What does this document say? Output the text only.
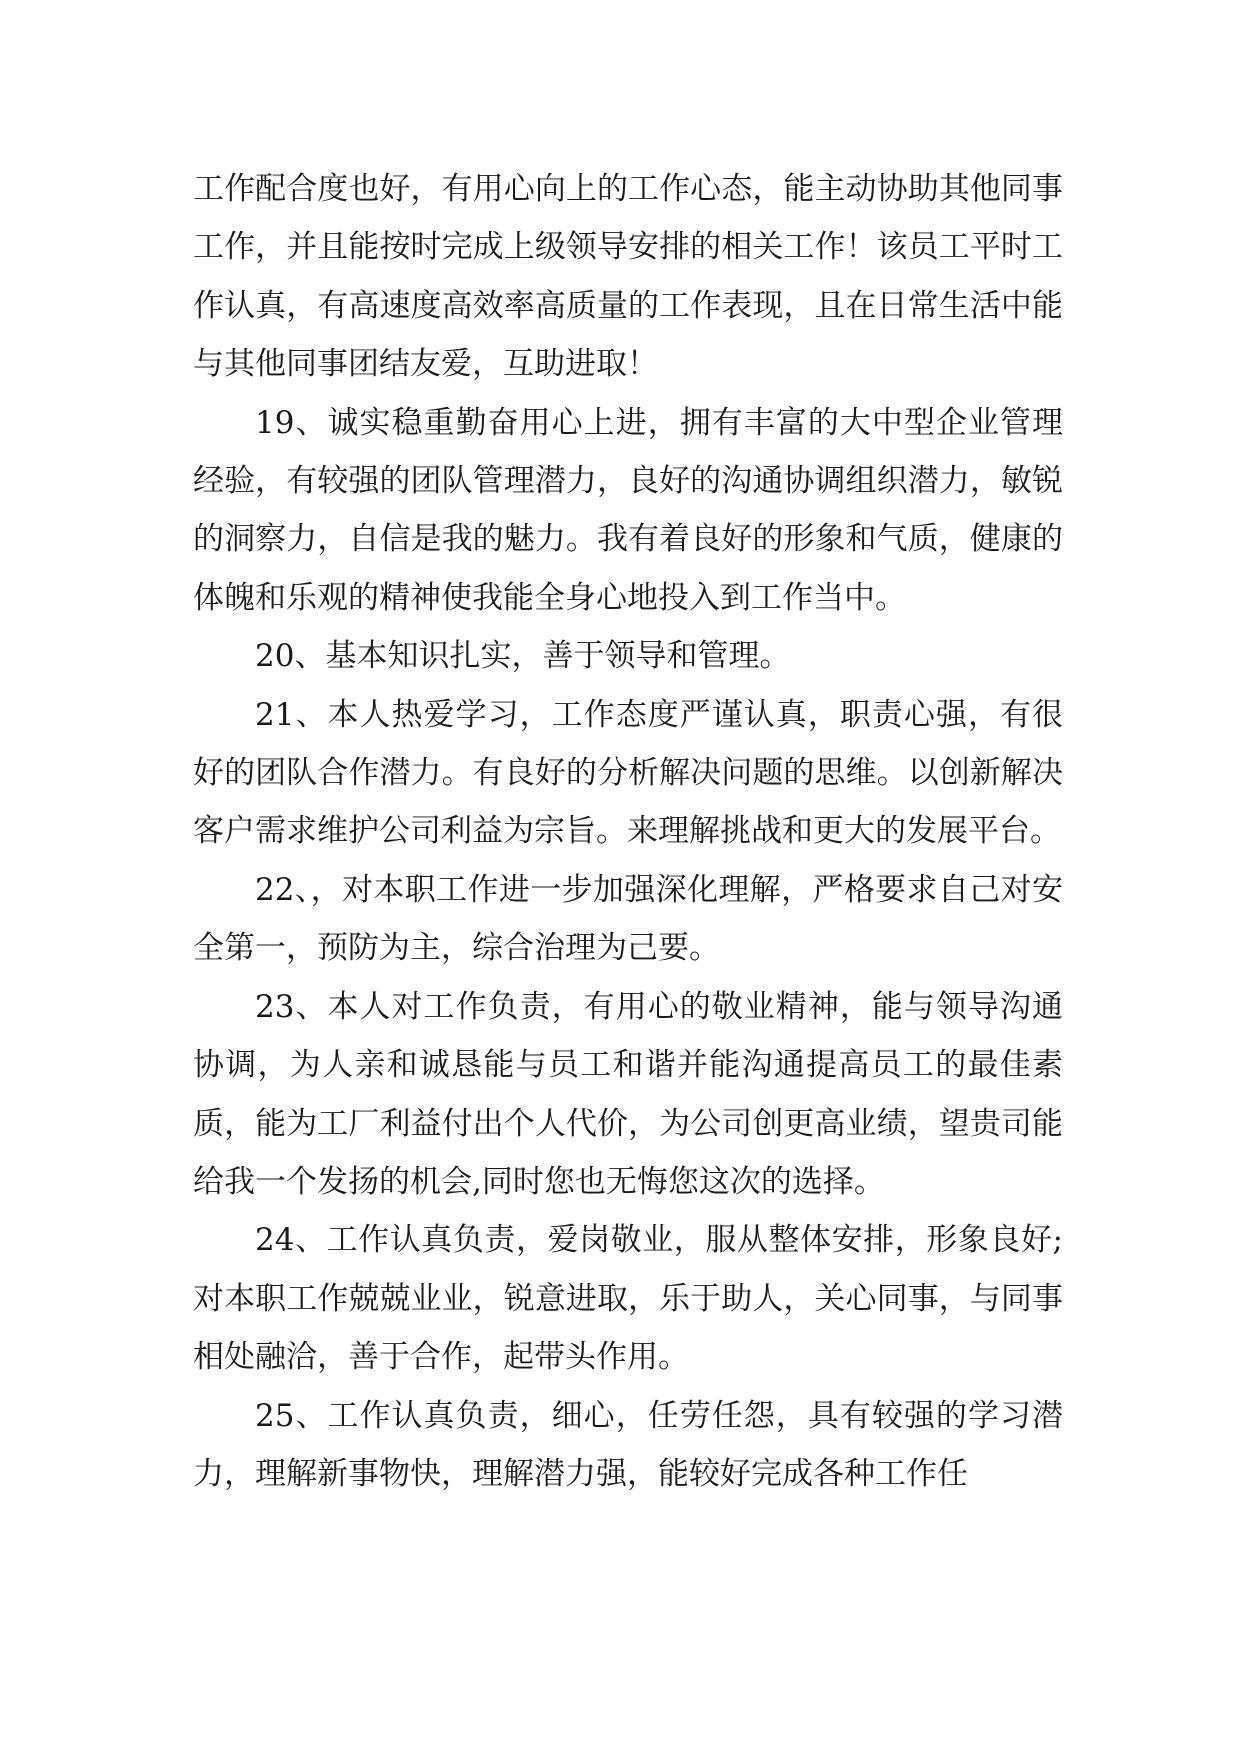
工作配合度也好，有用心向上的工作心态，能主动协助其他同事工作，并且能按时完成上级领导安排的相关工作！该员工平时工作认真，有高速度高效率高质量的工作表现，且在日常生活中能与其他同事团结友爱，互助进取！

19、诚实稳重勤奋用心上进，拥有丰富的大中型企业管理经验，有较强的团队管理潜力，良好的沟通协调组织潜力，敏锐的洞察力，自信是我的魅力。我有着良好的形象和气质，健康的体魄和乐观的精神使我能全身心地投入到工作当中。

20、基本知识扎实，善于领导和管理。

21、本人热爱学习，工作态度严谨认真，职责心强，有很好的团队合作潜力。有良好的分析解决问题的思维。以创新解决客户需求维护公司利益为宗旨。来理解挑战和更大的发展平台。

22、，对本职工作进一步加强深化理解，严格要求自己对安全第一，预防为主，综合治理为己要。

23、本人对工作负责，有用心的敬业精神，能与领导沟通协调，为人亲和诚恳能与员工和谐并能沟通提高员工的最佳素质，能为工厂利益付出个人代价，为公司创更高业绩，望贵司能给我一个发扬的机会,同时您也无悔您这次的选择。

24、工作认真负责，爱岗敬业，服从整体安排，形象良好; 对本职工作兢兢业业，锐意进取，乐于助人，关心同事，与同事相处融洽，善于合作，起带头作用。

25、工作认真负责，细心，任劳任怨，具有较强的学习潜力，理解新事物快，理解潜力强，能较好完成各种工作任
